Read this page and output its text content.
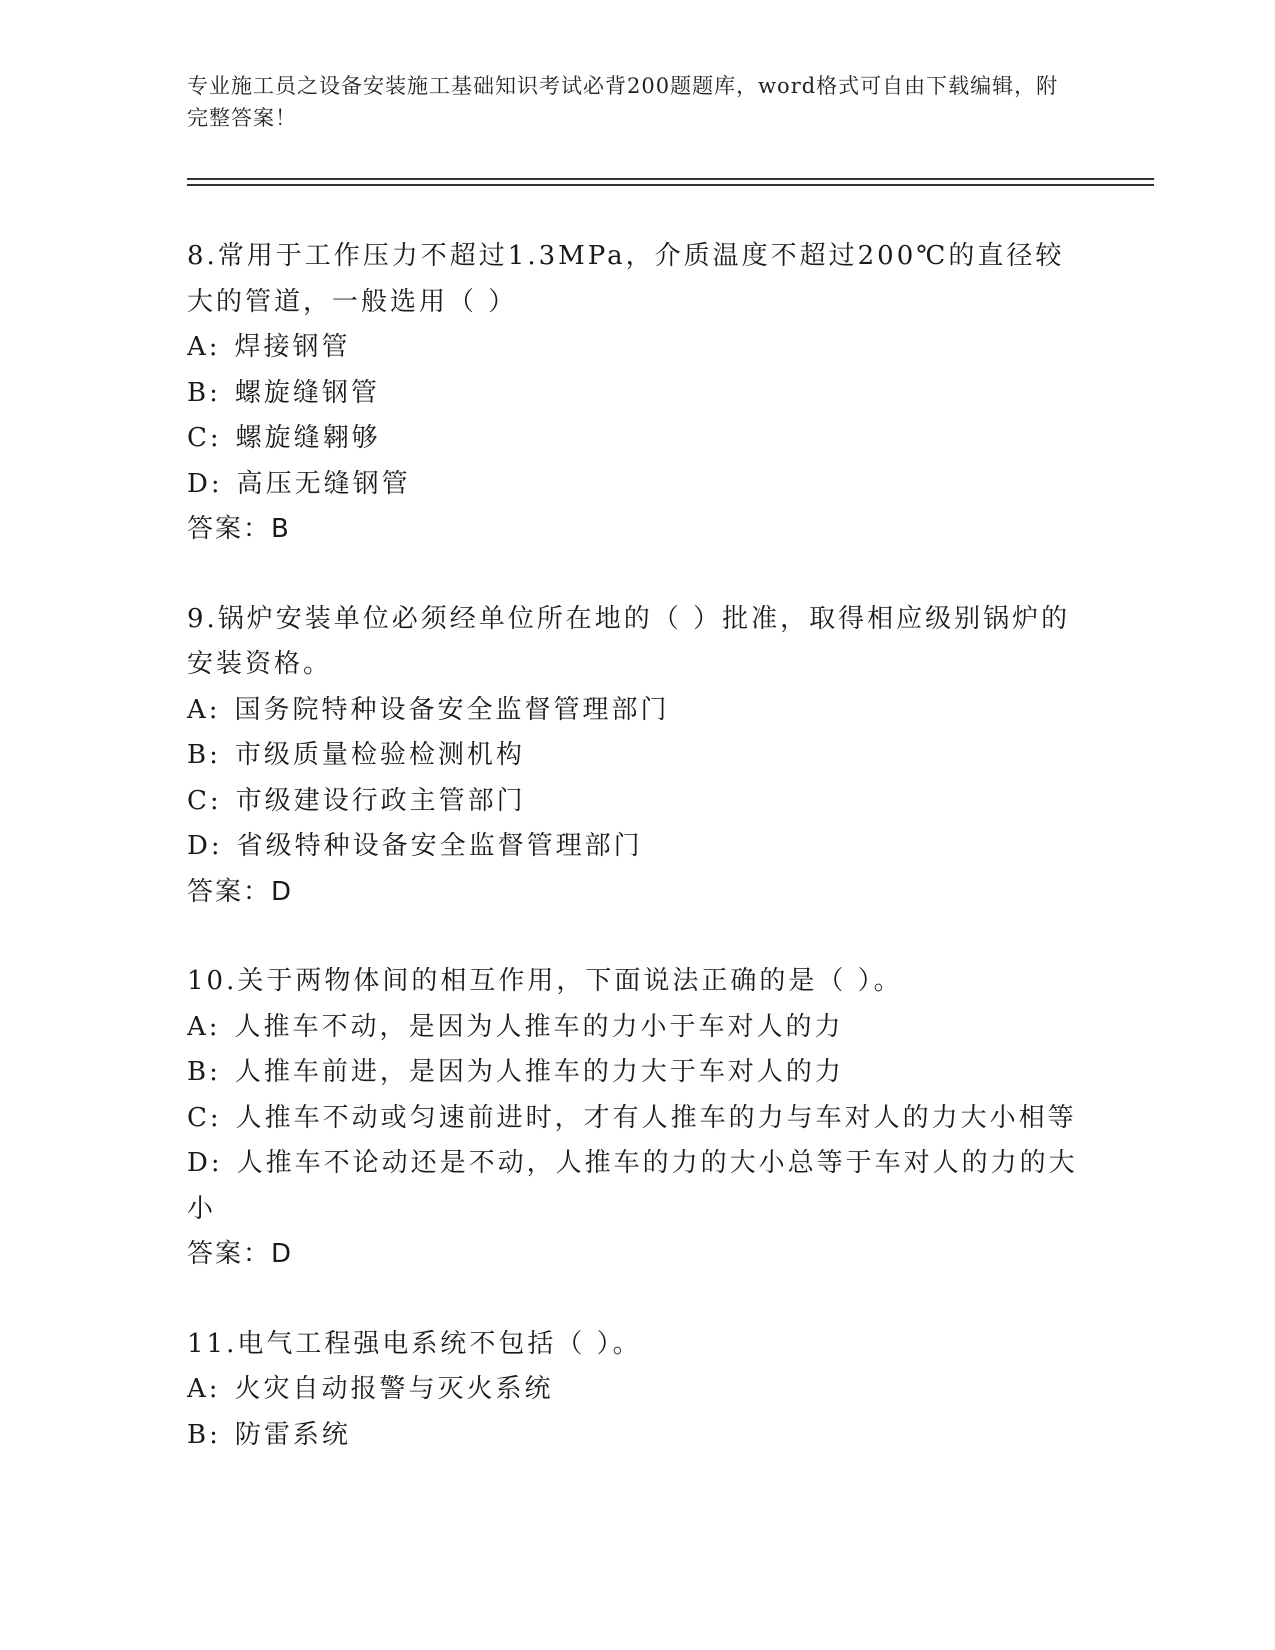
专业施工员之设备安装施工基础知识考试必背200题题库，word格式可自由下载编辑，附完整答案！
8.常用于工作压力不超过1.3MPa，介质温度不超过200℃的直径较大的管道，一般选用（ ）
A: 焊接钢管
B: 螺旋缝钢管
C: 螺旋缝翱够
D: 高压无缝钢管
答案：B
9.锅炉安装单位必须经单位所在地的（ ）批准，取得相应级别锅炉的安装资格。
A: 国务院特种设备安全监督管理部门
B: 市级质量检验检测机构
C: 市级建设行政主管部门
D: 省级特种设备安全监督管理部门
答案：D
10.关于两物体间的相互作用，下面说法正确的是（ ）。
A: 人推车不动，是因为人推车的力小于车对人的力
B: 人推车前进，是因为人推车的力大于车对人的力
C: 人推车不动或匀速前进时，才有人推车的力与车对人的力大小相等
D: 人推车不论动还是不动，人推车的力的大小总等于车对人的力的大小
答案：D
11.电气工程强电系统不包括（ ）。
A: 火灾自动报警与灭火系统
B: 防雷系统
